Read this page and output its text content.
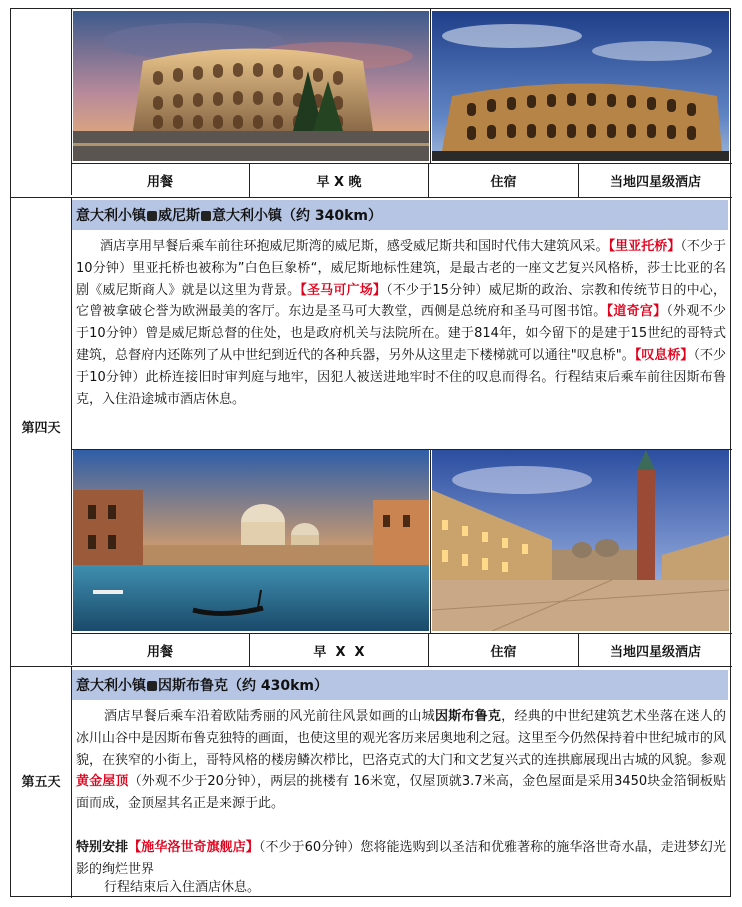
用餐	早 X 晚	住宿	当地四星级酒店
第四天
意大利小镇 威尼斯 意大利小镇（约 340km）
酒店享用早餐后乘车前往环抱威尼斯湾的威尼斯，感受威尼斯共和国时代伟大建筑风采。【里亚托桥】（不少于10分钟）里亚托桥也被称为”白色巨象桥“，威尼斯地标性建筑，是最古老的一座文艺复兴风格桥，莎士比亚的名剧《威尼斯商人》就是以这里为背景。【圣马可广场】（不少于15分钟）威尼斯的政治、宗教和传统节日的中心，它曾被拿破仑誉为欧洲最美的客厅。东边是圣马可大教堂，西侧是总统府和圣马可图书馆。【道奇宫】（外观不少于10分钟）曾是威尼斯总督的住处，也是政府机关与法院所在。建于814年，如今留下的是建于15世纪的哥特式建筑，总督府内还陈列了从中世纪到近代的各种兵器，另外从这里走下楼梯就可以通往"叹息桥"。【叹息桥】（不少于10分钟）此桥连接旧时审判庭与地牢，因犯人被送进地牢时不住的叹息而得名。行程结束后乘车前往因斯布鲁克，入住沿途城市酒店休息。
用餐	早  X  X	住宿	当地四星级酒店
第五天
意大利小镇 因斯布鲁克（约 430km）
酒店早餐后乘车沿着欧陆秀丽的风光前往风景如画的山城因斯布鲁克，经典的中世纪建筑艺术坐落在迷人的冰川山谷中是因斯布鲁克独特的画面，也使这里的观光客历来居奥地利之冠。这里至今仍然保持着中世纪城市的风貌，在狭窄的小街上，哥特风格的楼房鳞次栉比，巴洛克式的大门和文艺复兴式的连拱廊展现出古城的风貌。参观黄金屋顶（外观不少于20分钟），两层的挑楼有 16米宽，仅屋顶就3.7米高，金色屋面是采用3450块金箔铜板贴面而成，金顶屋其名正是来源于此。
特别安排【施华洛世奇旗舰店】（不少于60分钟）您将能选购到以圣洁和优雅著称的施华洛世奇水晶，走进梦幻光影的绚烂世界
行程结束后入住酒店休息。
